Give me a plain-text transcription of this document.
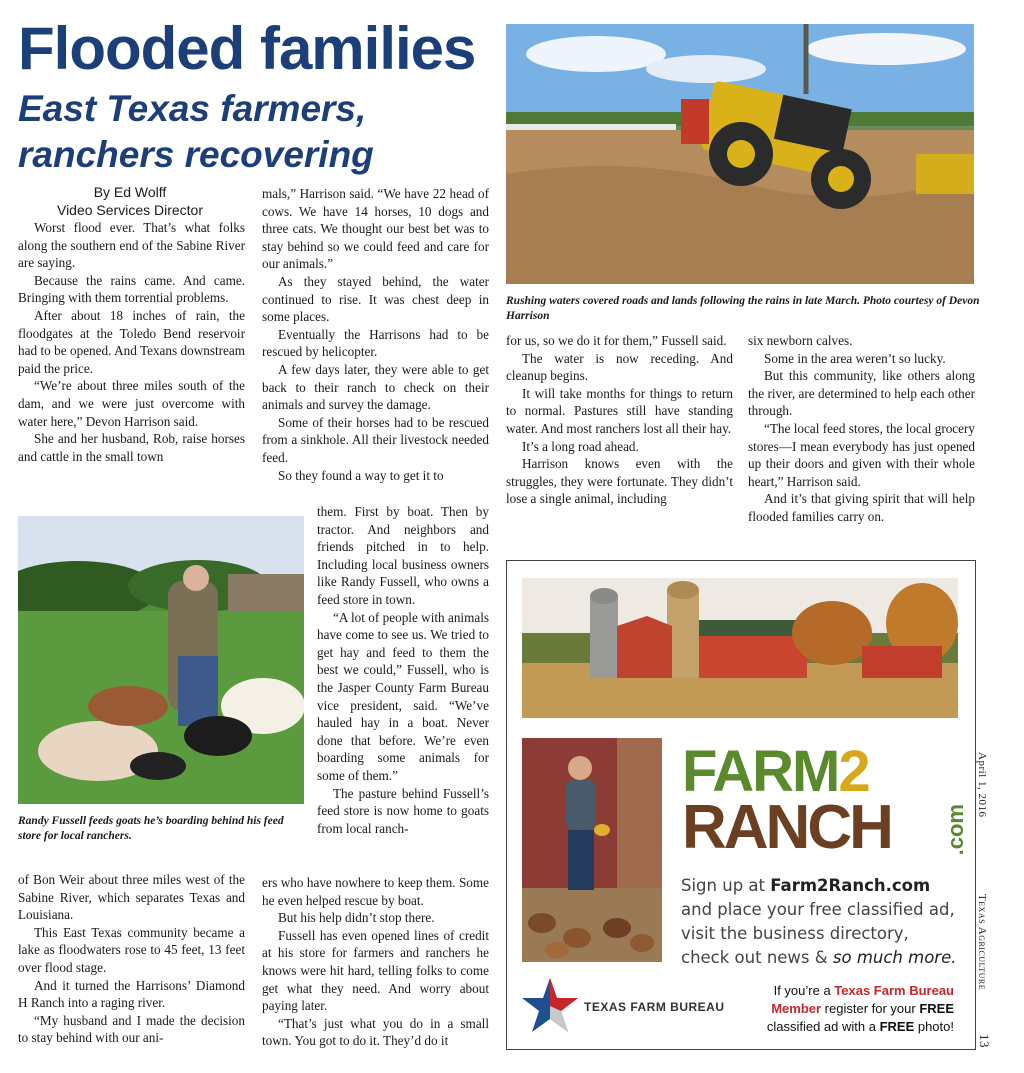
Flooded families
East Texas farmers,
ranchers recovering
By Ed Wolff
Video Services Director

Worst flood ever. That’s what folks along the southern end of the Sabine River are saying.

Because the rains came. And came. Bringing with them torrential problems.

After about 18 inches of rain, the floodgates at the Toledo Bend reservoir had to be opened. And Texans downstream paid the price.

“We’re about three miles south of the dam, and we were just overcome with water here,” Devon Harrison said.

She and her husband, Rob, raise horses and cattle in the small town

Randy Fussell feeds goats he’s boarding behind his feed store for local ranchers.

of Bon Weir about three miles west of the Sabine River, which separates Texas and Louisiana.

This East Texas community became a lake as floodwaters rose to 45 feet, 13 feet over flood stage.

And it turned the Harrisons’ Diamond H Ranch into a raging river.

“My husband and I made the decision to stay behind with our ani-

mals,” Harrison said. “We have 22 head of cows. We have 14 horses, 10 dogs and three cats. We thought our best bet was to stay behind so we could feed and care for our animals.”

As they stayed behind, the water continued to rise. It was chest deep in some places.

Eventually the Harrisons had to be rescued by helicopter.

A few days later, they were able to get back to their ranch to check on their animals and survey the damage.

Some of their horses had to be rescued from a sinkhole. All their livestock needed feed.

So they found a way to get it to

them. First by boat. Then by tractor. And neighbors and friends pitched in to help. Including local business owners like Randy Fussell, who owns a feed store in town.

“A lot of people with animals have come to see us. We tried to get hay and feed to them the best we could,” Fussell, who is the Jasper County Farm Bureau vice president, said. “We’ve hauled hay in a boat. Never done that before. We’re even boarding some animals for some of them.”

The pasture behind Fussell’s feed store is now home to goats from local ranch-

ers who have nowhere to keep them. Some he even helped rescue by boat.

But his help didn’t stop there.

Fussell has even opened lines of credit at his store for farmers and ranchers he knows were hit hard, telling folks to come get what they need. And worry about paying later.

“That’s just what you do in a small town. You got to do it. They’d do it

Rushing waters covered roads and lands following the rains in late March. Photo courtesy of Devon Harrison

for us, so we do it for them,” Fussell said.

The water is now receding. And cleanup begins.

It will take months for things to return to normal. Pastures still have standing water. And most ranchers lost all their hay.

It’s a long road ahead.

Harrison knows even with the struggles, they were fortunate. They didn’t lose a single animal, including

six newborn calves.

Some in the area weren’t so lucky.

But this community, like others along the river, are determined to help each other through.

“The local feed stores, the local grocery stores—I mean everybody has just opened up their doors and given with their whole heart,” Harrison said.

And it’s that giving spirit that will help flooded families carry on.

FARM2
RANCH	.com
Sign up at Farm2Ranch.com
and place your free classified ad,
visit the business directory,
check out news & so much more.
TEXAS FARM BUREAU
If you’re a Texas Farm Bureau
Member register for your FREE
classified ad with a FREE photo!
April 1, 2016
Texas Agriculture
13
